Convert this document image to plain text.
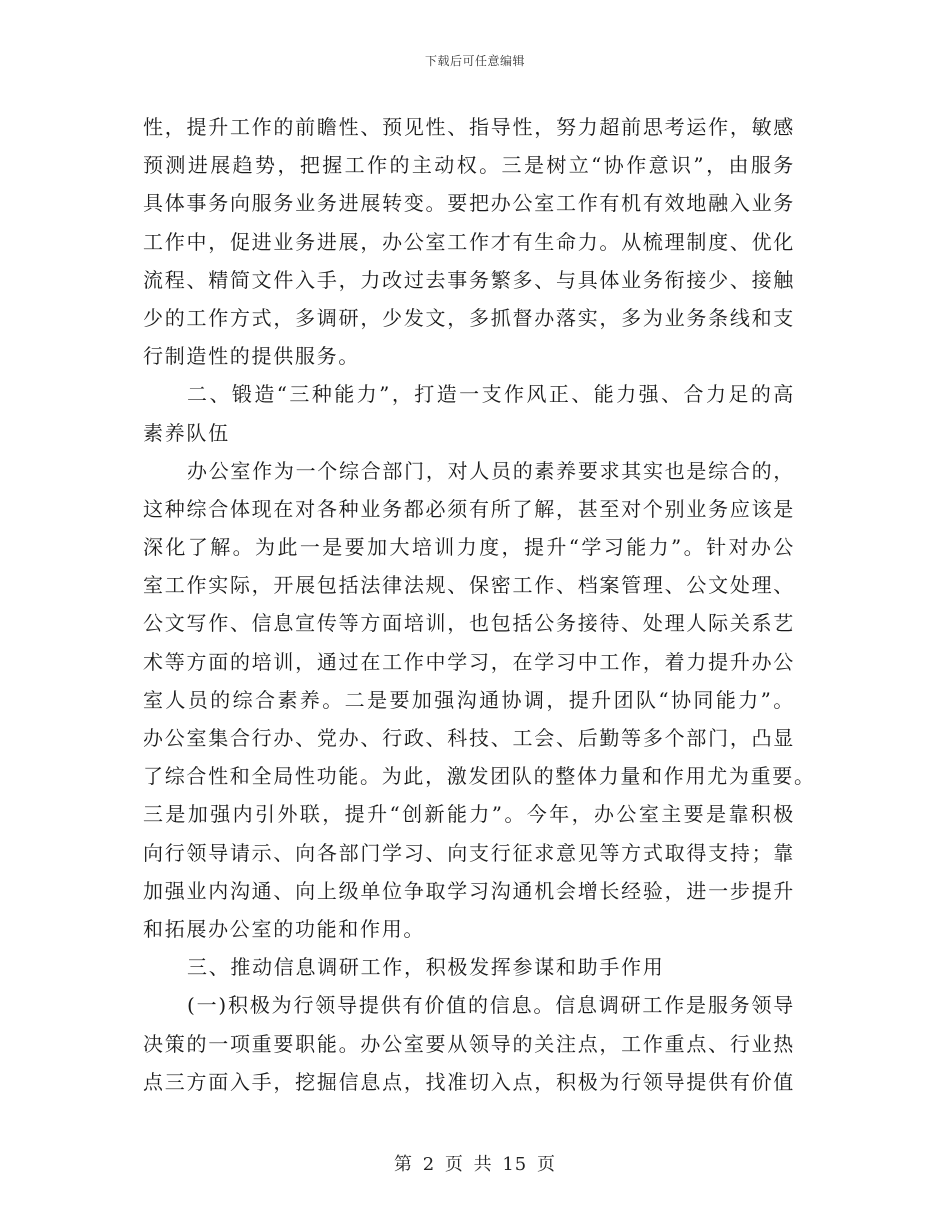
下载后可任意编辑
性，提升工作的前瞻性、预见性、指导性，努力超前思考运作，敏感
预测进展趋势，把握工作的主动权。三是树立“协作意识”，由服务
具体事务向服务业务进展转变。要把办公室工作有机有效地融入业务
工作中，促进业务进展，办公室工作才有生命力。从梳理制度、优化
流程、精简文件入手，力改过去事务繁多、与具体业务衔接少、接触
少的工作方式，多调研，少发文，多抓督办落实，多为业务条线和支
行制造性的提供服务。
二、锻造“三种能力”，打造一支作风正、能力强、合力足的高
素养队伍
办公室作为一个综合部门，对人员的素养要求其实也是综合的，
这种综合体现在对各种业务都必须有所了解，甚至对个别业务应该是
深化了解。为此一是要加大培训力度，提升“学习能力”。针对办公
室工作实际，开展包括法律法规、保密工作、档案管理、公文处理、
公文写作、信息宣传等方面培训，也包括公务接待、处理人际关系艺
术等方面的培训，通过在工作中学习，在学习中工作，着力提升办公
室人员的综合素养。二是要加强沟通协调，提升团队“协同能力”。
办公室集合行办、党办、行政、科技、工会、后勤等多个部门，凸显
了综合性和全局性功能。为此，激发团队的整体力量和作用尤为重要。
三是加强内引外联，提升“创新能力”。今年，办公室主要是靠积极
向行领导请示、向各部门学习、向支行征求意见等方式取得支持；靠
加强业内沟通、向上级单位争取学习沟通机会增长经验，进一步提升
和拓展办公室的功能和作用。
三、推动信息调研工作，积极发挥参谋和助手作用
(一)积极为行领导提供有价值的信息。信息调研工作是服务领导
决策的一项重要职能。办公室要从领导的关注点，工作重点、行业热
点三方面入手，挖掘信息点，找准切入点，积极为行领导提供有价值
第 2 页 共 15 页
